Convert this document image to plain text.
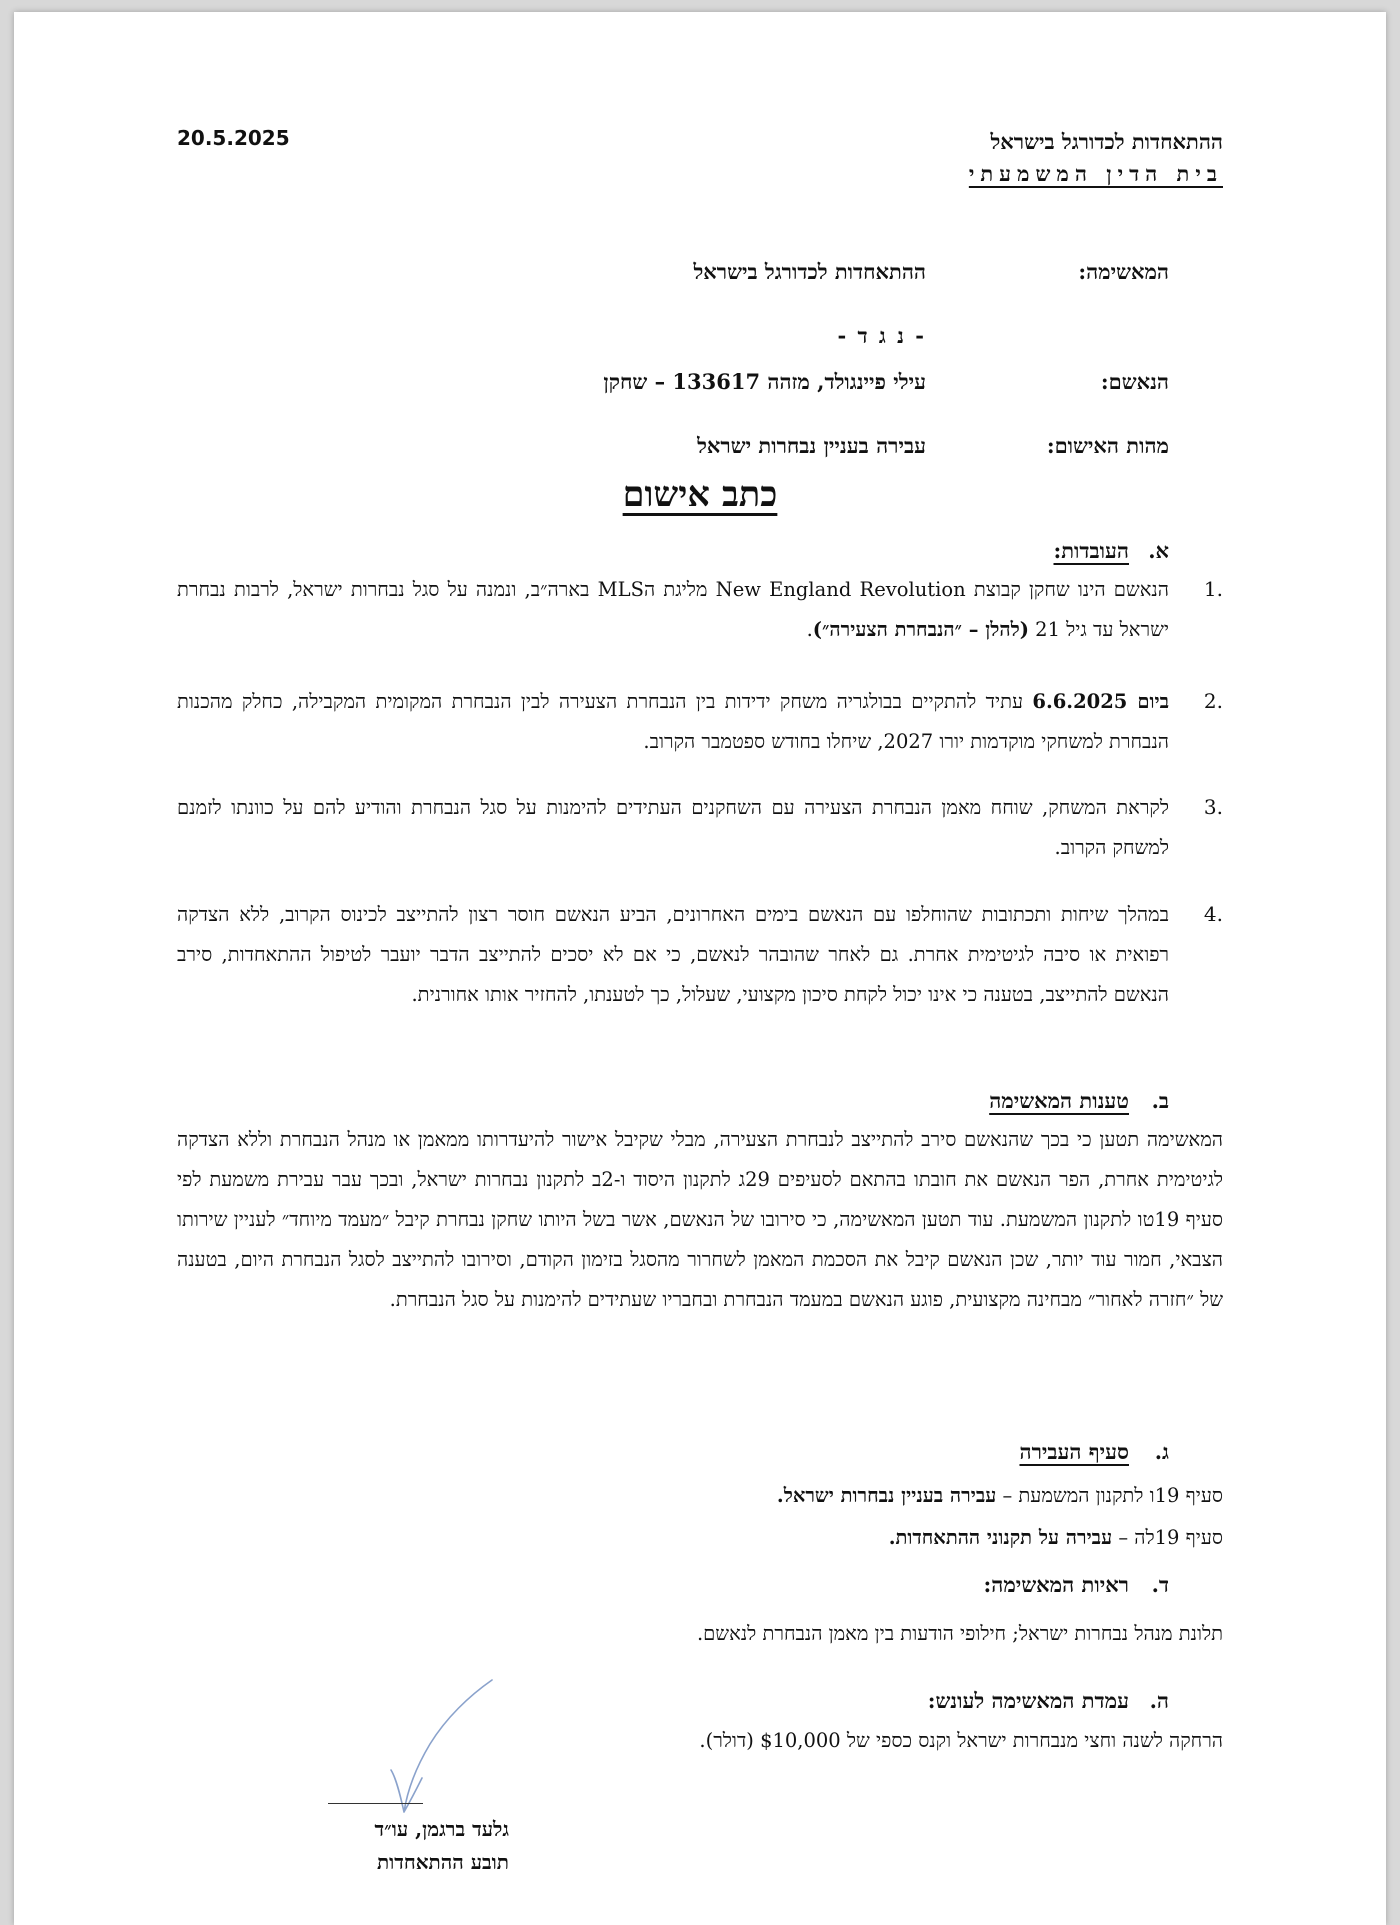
20.5.2025	ההתאחדות לכדורגל בישראל
בית הדין המשמעתי
המאשימה:
ההתאחדות לכדורגל בישראל
- נ ג ד -
הנאשם:
עילי פיינגולד, מזהה 133617 – שחקן
מהות האישום:
עבירה בעניין נבחרות ישראל
כתב אישום
א.העובדות:
1.
הנאשם הינו שחקן קבוצת New England Revolution מליגת הMLS בארה״ב, ונמנה על סגל נבחרות ישראל, לרבות נבחרת ישראל עד גיל 21 (להלן – ״הנבחרת הצעירה״).
2.
ביום 6.6.2025 עתיד להתקיים בבולגריה משחק ידידות בין הנבחרת הצעירה לבין הנבחרת המקומית המקבילה, כחלק מהכנות הנבחרת למשחקי מוקדמות יורו 2027, שיחלו בחודש ספטמבר הקרוב.
3.
לקראת המשחק, שוחח מאמן הנבחרת הצעירה עם השחקנים העתידים להימנות על סגל הנבחרת והודיע להם על כוונתו לזמנם למשחק הקרוב.
4.
במהלך שיחות ותכתובות שהוחלפו עם הנאשם בימים האחרונים, הביע הנאשם חוסר רצון להתייצב לכינוס הקרוב, ללא הצדקה רפואית או סיבה לגיטימית אחרת. גם לאחר שהובהר לנאשם, כי אם לא יסכים להתייצב הדבר יועבר לטיפול ההתאחדות, סירב הנאשם להתייצב, בטענה כי אינו יכול לקחת סיכון מקצועי, שעלול, כך לטענתו, להחזיר אותו אחורנית.
ב.טענות המאשימה
המאשימה תטען כי בכך שהנאשם סירב להתייצב לנבחרת הצעירה, מבלי שקיבל אישור להיעדרותו ממאמן או מנהל הנבחרת וללא הצדקה לגיטימית אחרת, הפר הנאשם את חובתו בהתאם לסעיפים 29ג לתקנון היסוד ו-2ב לתקנון נבחרות ישראל, ובכך עבר עבירת משמעת לפי סעיף 19טו לתקנון המשמעת. עוד תטען המאשימה, כי סירובו של הנאשם, אשר בשל היותו שחקן נבחרת קיבל ״מעמד מיוחד״ לעניין שירותו הצבאי, חמור עוד יותר, שכן הנאשם קיבל את הסכמת המאמן לשחרור מהסגל בזימון הקודם, וסירובו להתייצב לסגל הנבחרת היום, בטענה של ״חזרה לאחור״ מבחינה מקצועית, פוגע הנאשם במעמד הנבחרת ובחבריו שעתידים להימנות על סגל הנבחרת.
ג.סעיף העבירה
סעיף 19ו לתקנון המשמעת – עבירה בעניין נבחרות ישראל.
סעיף 19לה – עבירה על תקנוני ההתאחדות.
ד.ראיות המאשימה:
תלונת מנהל נבחרות ישראל; חילופי הודעות בין מאמן הנבחרת לנאשם.
ה.עמדת המאשימה לעונש:
הרחקה לשנה וחצי מנבחרות ישראל וקנס כספי של $10,000 (דולר).
גלעד ברגמן, עו״ד
תובע ההתאחדות
